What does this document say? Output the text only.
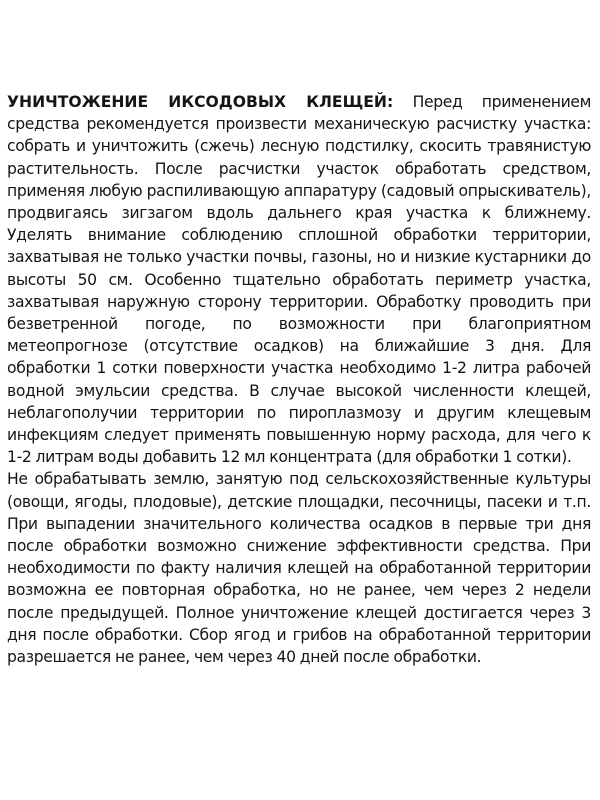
УНИЧТОЖЕНИЕ ИКСОДОВЫХ КЛЕЩЕЙ: Перед применением средства рекомендуется произвести механическую расчистку участка: собрать и уничтожить (сжечь) лесную подстилку, скосить травянистую растительность. После расчистки участок обработать средством, применяя любую распиливающую аппаратуру (садовый опрыскиватель), продвигаясь зигзагом вдоль дальнего края участка к ближнему. Уделять внимание соблюдению сплошной обработки территории, захватывая не только участки почвы, газоны, но и низкие кустарники до высоты 50 см. Особенно тщательно обработать периметр участка, захватывая наружную сторону территории. Обработку проводить при безветренной погоде, по возможности при благоприятном метеопрогнозе (отсутствие осадков) на ближайшие 3 дня. Для обработки 1 сотки поверхности участка необходимо 1-2 литра рабочей водной эмульсии средства. В случае высокой численности клещей, неблагополучии территории по пироплазмозу и другим клещевым инфекциям следует применять повышенную норму расхода, для чего к 1-2 литрам воды добавить 12 мл концентрата (для обработки 1 сотки).

Не обрабатывать землю, занятую под сельскохозяйственные культуры (овощи, ягоды, плодовые), детские площадки, песочницы, пасеки и т.п. При выпадении значительного количества осадков в первые три дня после обработки возможно снижение эффективности средства. При необходимости по факту наличия клещей на обработанной территории возможна ее повторная обработка, но не ранее, чем через 2 недели после предыдущей. Полное уничтожение клещей достигается через 3 дня после обработки. Сбор ягод и грибов на обработанной территории разрешается не ранее, чем через 40 дней после обработки.
